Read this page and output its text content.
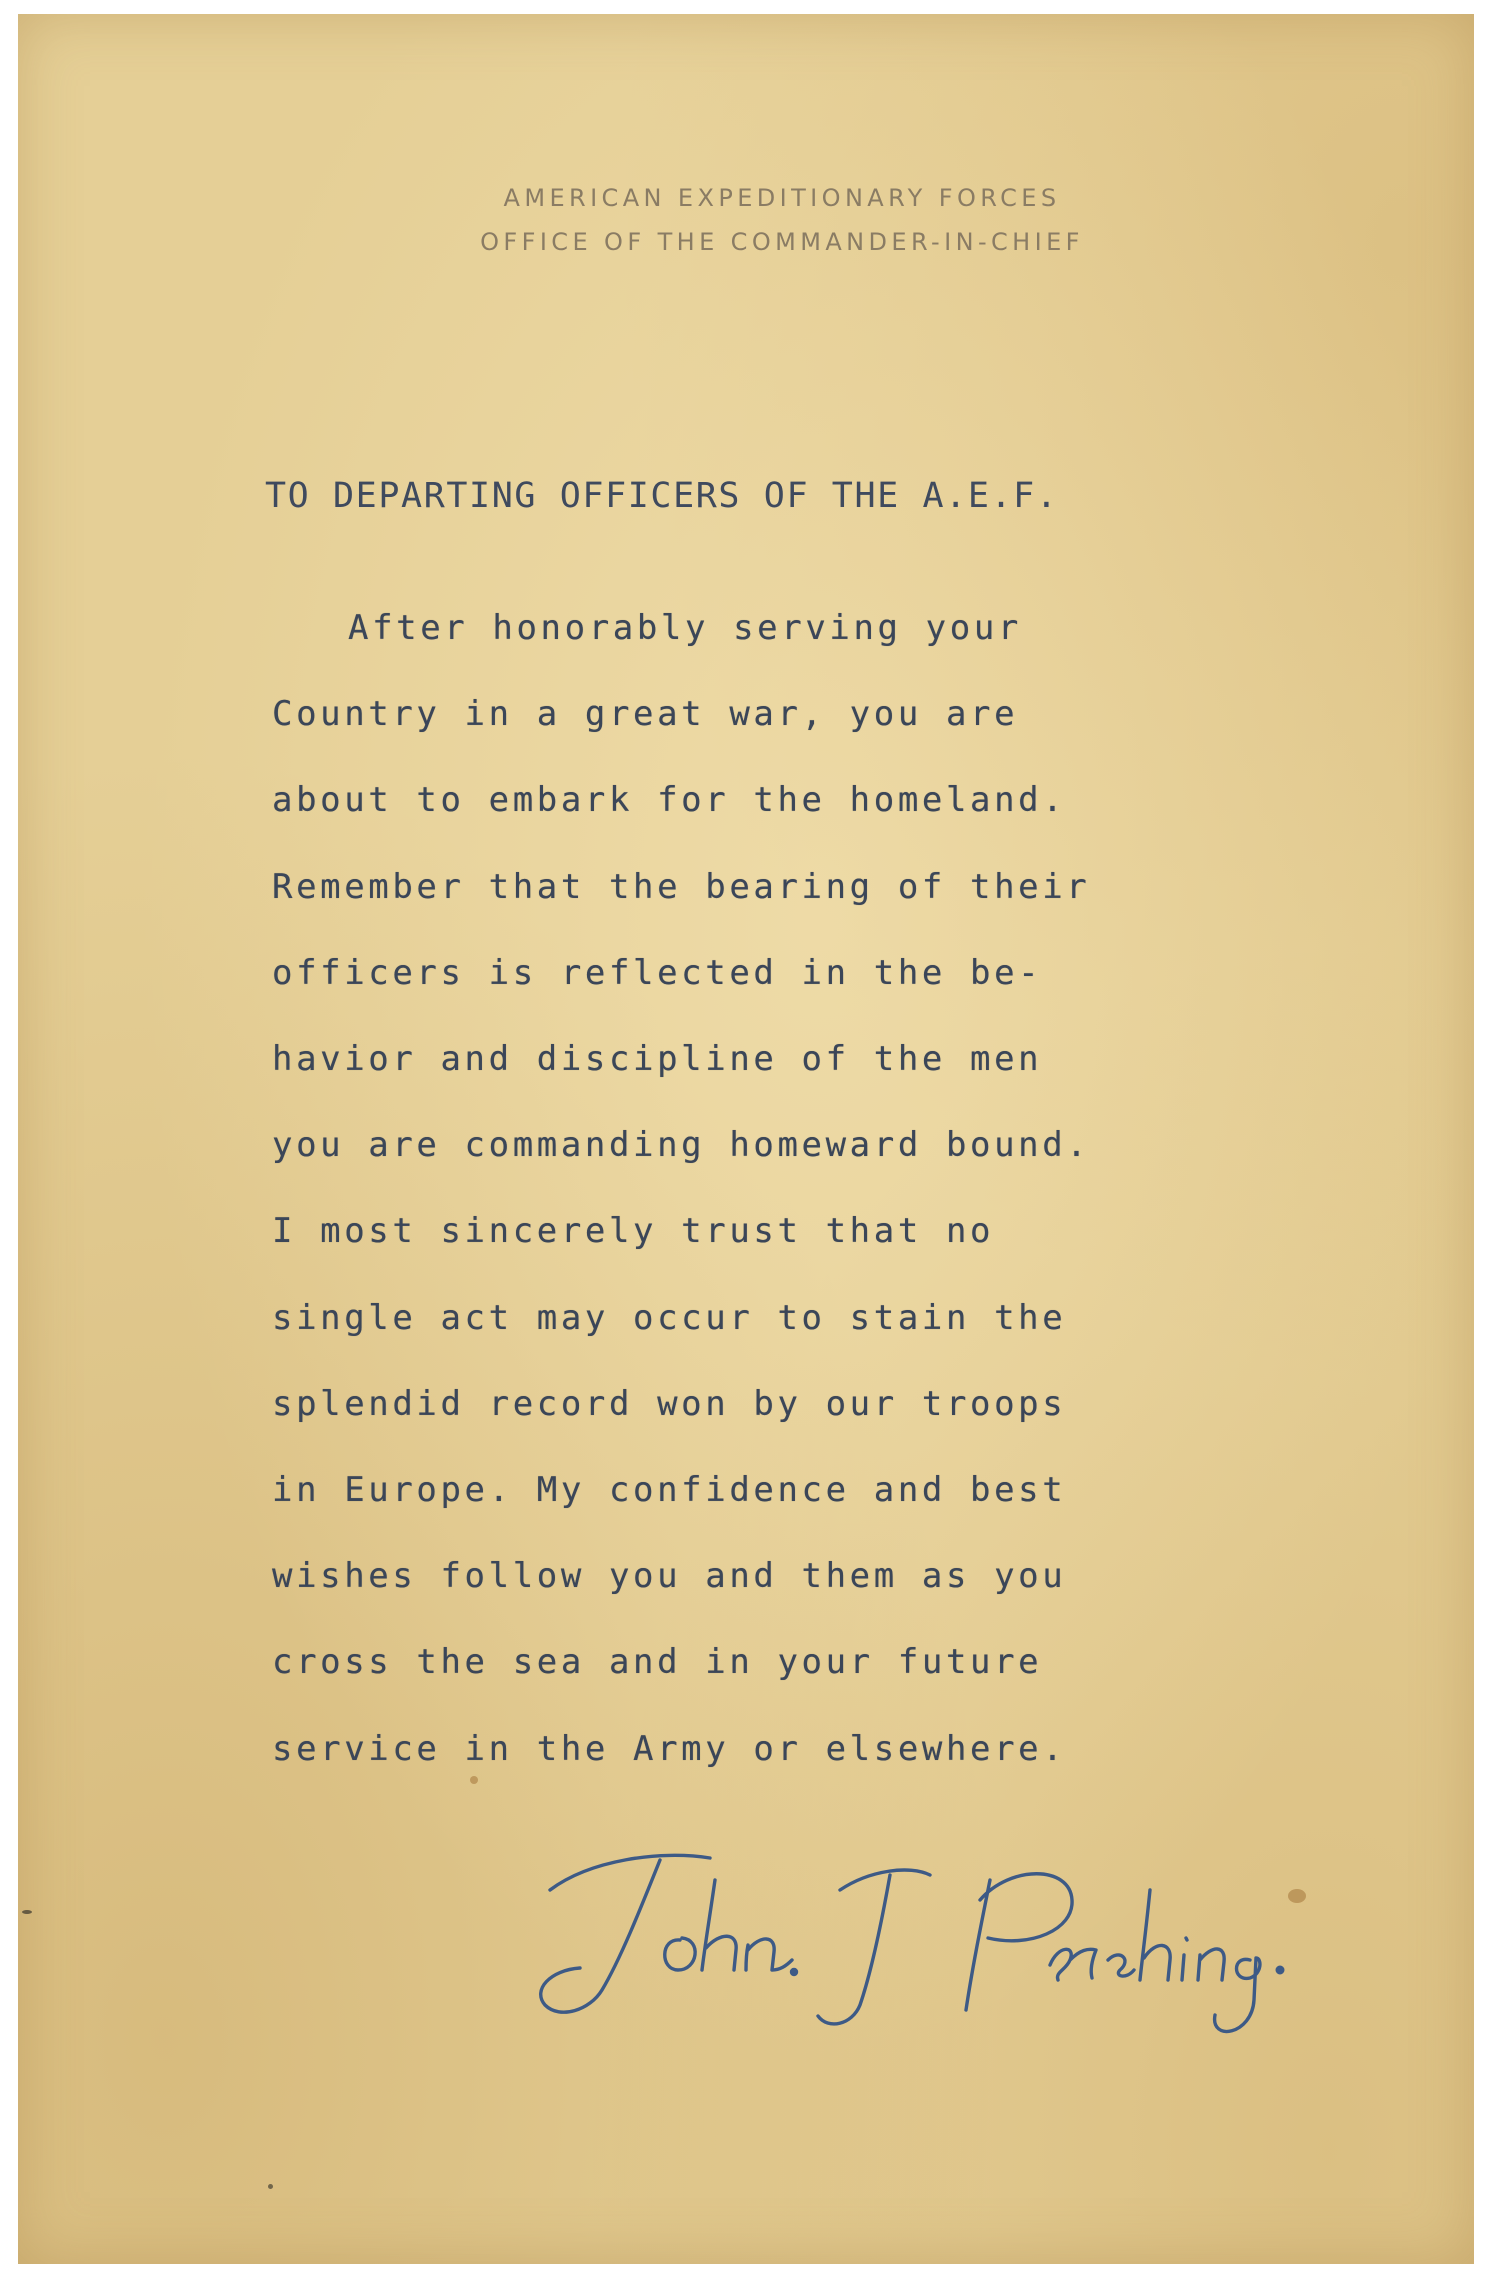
AMERICAN EXPEDITIONARY FORCES
OFFICE OF THE COMMANDER-IN-CHIEF
TO DEPARTING OFFICERS OF THE A.E.F.
After honorably serving your
Country in a great war, you are
about to embark for the homeland.
Remember that the bearing of their
officers is reflected in the be-
havior and discipline of the men
you are commanding homeward bound.
I most sincerely trust that no
single act may occur to stain the
splendid record won by our troops
in Europe. My confidence and best
wishes follow you and them as you
cross the sea and in your future
service in the Army or elsewhere.
